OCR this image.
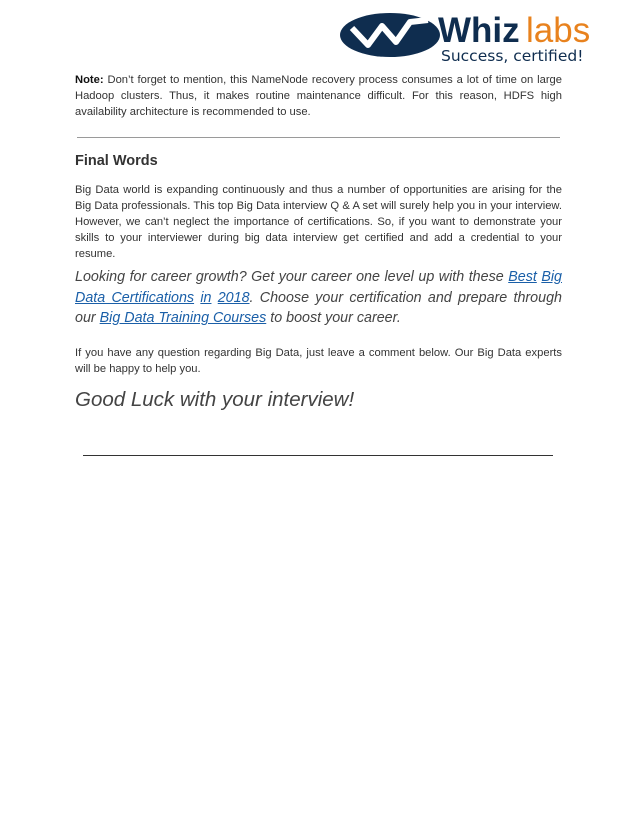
Whiz labs
Success, certified!

Note: Don’t forget to mention, this NameNode recovery process consumes a lot of time on large Hadoop clusters. Thus, it makes routine maintenance difficult. For this reason, HDFS high availability architecture is recommended to use.

Final Words

Big Data world is expanding continuously and thus a number of opportunities are arising for the Big Data professionals. This top Big Data interview Q & A set will surely help you in your interview. However, we can’t neglect the importance of certifications. So, if you want to demonstrate your skills to your interviewer during big data interview get certified and add a credential to your resume.

Looking for career growth? Get your career one level up with these Best Big Data Certifications in 2018. Choose your certification and prepare through our Big Data Training Courses to boost your career.

If you have any question regarding Big Data, just leave a comment below. Our Big Data experts will be happy to help you.

Good Luck with your interview!
